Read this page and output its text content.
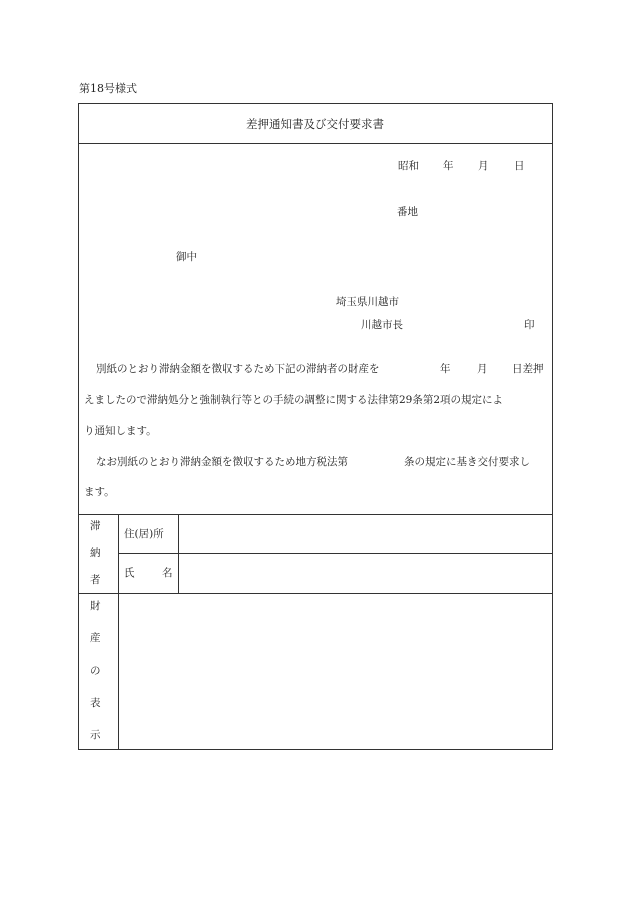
第18号様式
差押通知書及び交付要求書
昭和 年 月 日
番地
御中
埼玉県川越市
川越市長	印
別紙のとおり滞納金額を徴収するため下記の滞納者の財産を	年	月 日差押
えましたので滞納処分と強制執行等との手続の調整に関する法律第29条第2項の規定によ
り通知します。
なお別紙のとおり滞納金額を徴収するため地方税法第	条の規定に基き交付要求し
ます。
滞
納
者
住(居)所
氏	名
財
産
の
表
示
